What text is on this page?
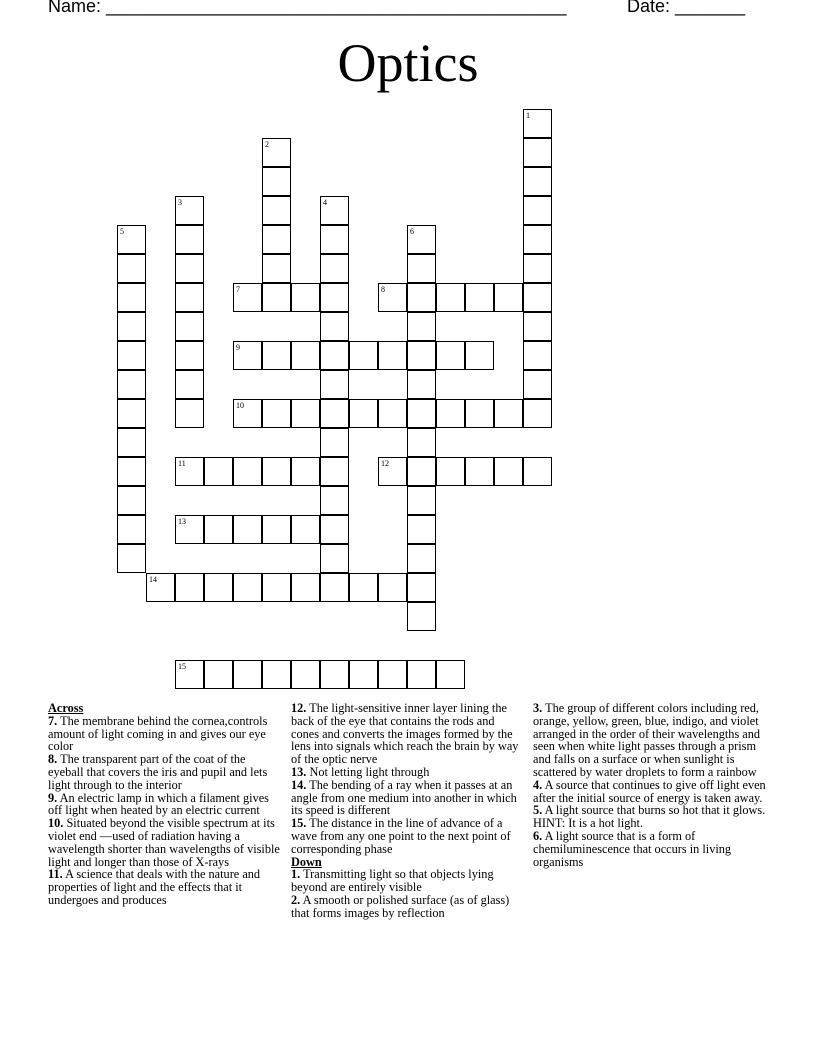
Name: ______________________________________________	Date: _______
Optics
7	8
9
10
11	12
13
14
15
1
2
3	4
5	6
Across
7. The membrane behind the cornea,controls amount of light coming in and gives our eye color
8. The transparent part of the coat of the eyeball that covers the iris and pupil and lets light through to the interior
9. An electric lamp in which a filament gives off light when heated by an electric current
10. Situated beyond the visible spectrum at its violet end —used of radiation having a wavelength shorter than wavelengths of visible light and longer than those of X-rays
11. A science that deals with the nature and properties of light and the effects that it undergoes and produces
12. The light-sensitive inner layer lining the back of the eye that contains the rods and cones and converts the images formed by the lens into signals which reach the brain by way of the optic nerve
13. Not letting light through
14. The bending of a ray when it passes at an angle from one medium into another in which its speed is different
15. The distance in the line of advance of a wave from any one point to the next point of corresponding phase
Down
1. Transmitting light so that objects lying beyond are entirely visible
2. A smooth or polished surface (as of glass) that forms images by reflection
3. The group of different colors including red, orange, yellow, green, blue, indigo, and violet arranged in the order of their wavelengths and seen when white light passes through a prism and falls on a surface or when sunlight is scattered by water droplets to form a rainbow
4. A source that continues to give off light even after the initial source of energy is taken away.
5. A light source that burns so hot that it glows. HINT: It is a hot light.
6. A light source that is a form of chemiluminescence that occurs in living organisms
